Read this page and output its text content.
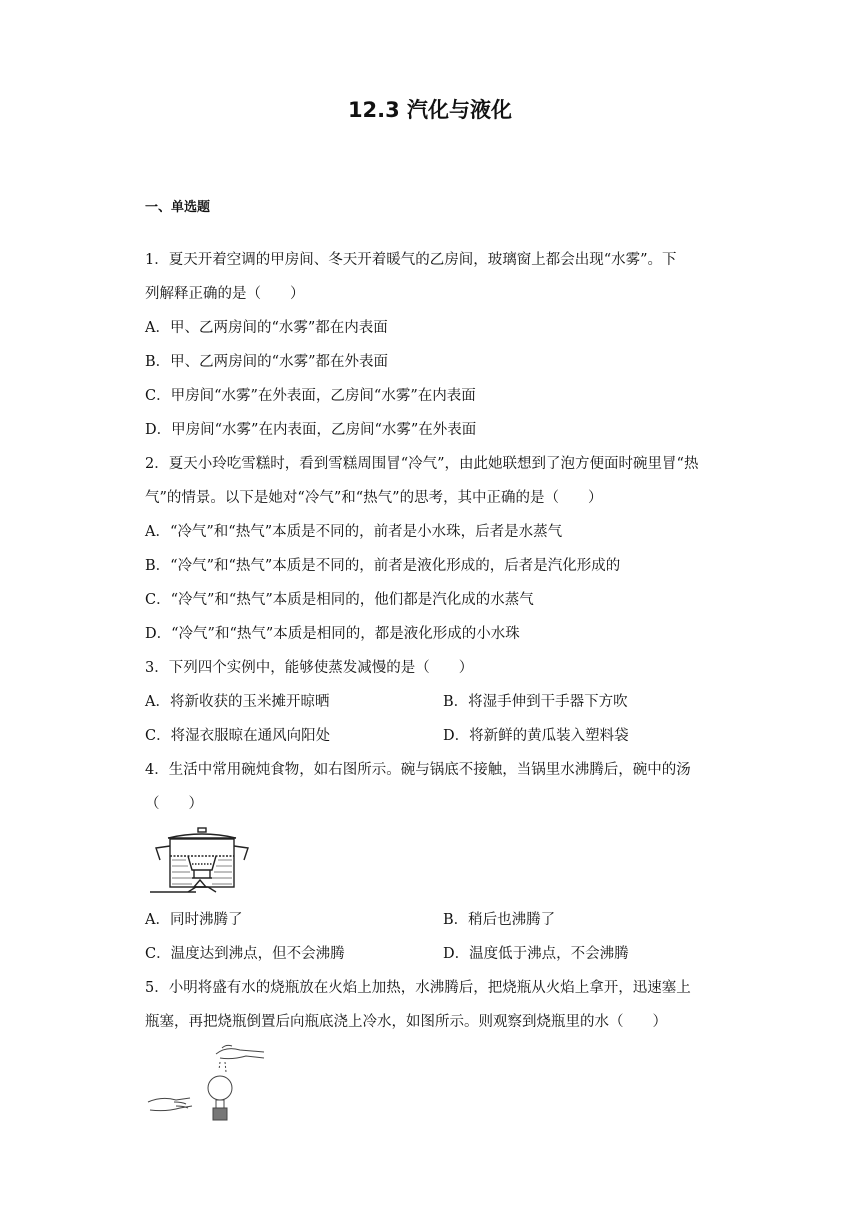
12.3 汽化与液化
一、单选题
1．夏天开着空调的甲房间、冬天开着暖气的乙房间，玻璃窗上都会出现“水雾”。下
列解释正确的是（　　）
A．甲、乙两房间的“水雾”都在内表面
B．甲、乙两房间的“水雾”都在外表面
C．甲房间“水雾”在外表面，乙房间“水雾”在内表面
D．甲房间“水雾”在内表面，乙房间“水雾”在外表面
2．夏天小玲吃雪糕时，看到雪糕周围冒“冷气”，由此她联想到了泡方便面时碗里冒“热
气”的情景。以下是她对“冷气”和“热气”的思考，其中正确的是（　　）
A．“冷气”和“热气”本质是不同的，前者是小水珠，后者是水蒸气
B．“冷气”和“热气”本质是不同的，前者是液化形成的，后者是汽化形成的
C．“冷气”和“热气”本质是相同的，他们都是汽化成的水蒸气
D．“冷气”和“热气”本质是相同的，都是液化形成的小水珠
3．下列四个实例中，能够使蒸发减慢的是（　　）
A．将新收获的玉米摊开晾晒	B．将湿手伸到干手器下方吹
C．将湿衣服晾在通风向阳处	D．将新鲜的黄瓜装入塑料袋
4．生活中常用碗炖食物，如右图所示。碗与锅底不接触，当锅里水沸腾后，碗中的汤
（　　）
A．同时沸腾了	B．稍后也沸腾了
C．温度达到沸点，但不会沸腾	D．温度低于沸点，不会沸腾
5．小明将盛有水的烧瓶放在火焰上加热，水沸腾后，把烧瓶从火焰上拿开，迅速塞上
瓶塞，再把烧瓶倒置后向瓶底浇上冷水，如图所示。则观察到烧瓶里的水（　　）
